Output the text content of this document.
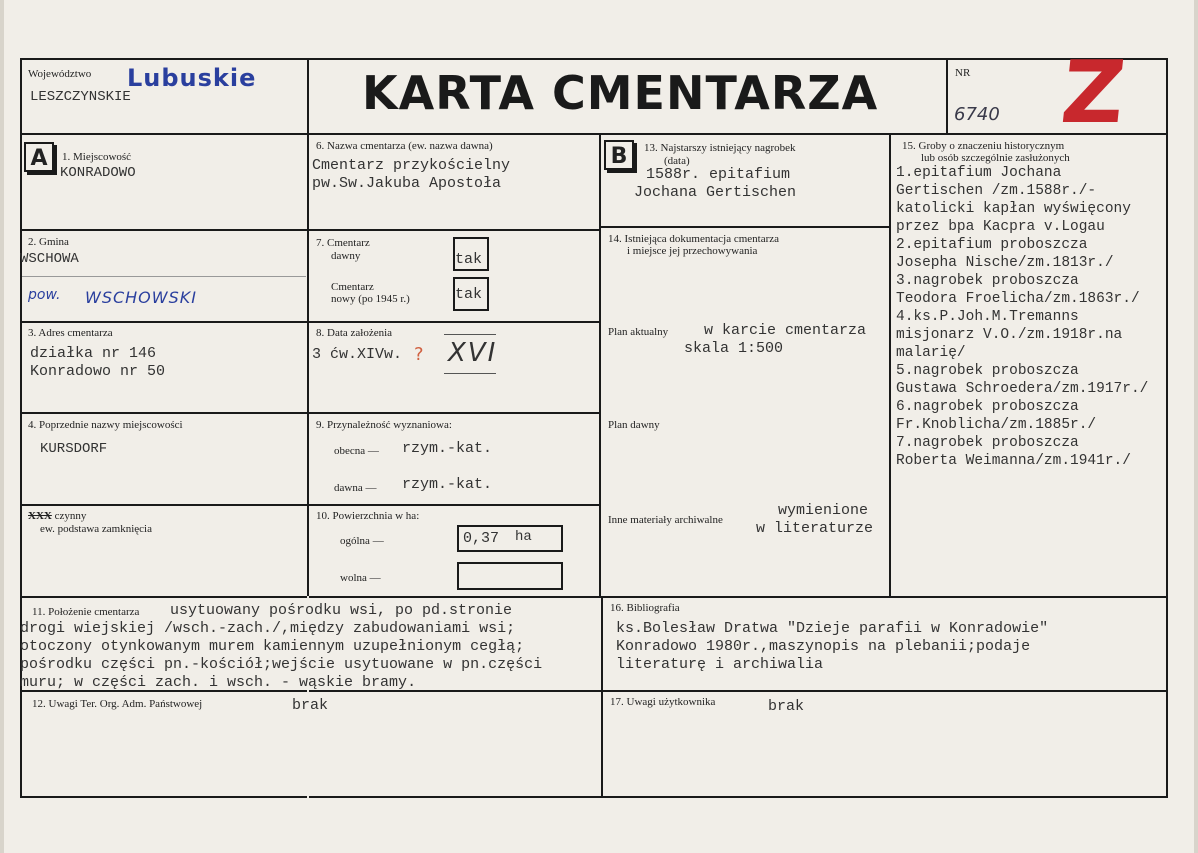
Województwo Lubuskie
LESZCZYNSKIE	KARTA CMENTARZA	NR
6740 Z
A	1. Miejscowość
KONRADOWO
2. Gmina
WSCHOWA
pow. WSCHOWSKI
3. Adres cmentarza
działka nr 146
Konradowo nr 50
4. Poprzednie nazwy miejscowości
KURSDORF
XXX czynny
ew. podstawa zamknięcia
6. Nazwa cmentarza (ew. nazwa dawna)
Cmentarz przykościelny
pw.Sw.Jakuba Apostoła
7. Cmentarz
dawny	tak
Cmentarz
nowy (po 1945 r.)	tak
8. Data założenia
3 ćw.XIVw. ? XVI
9. Przynależność wyznaniowa:
obecna — rzym.-kat.
dawna — rzym.-kat.
10. Powierzchnia w ha:
ogólna —	0,37 ha
wolna —
B	13. Najstarszy istniejący nagrobek
(data)
1588r. epitafium
Jochana Gertischen
14. Istniejąca dokumentacja cmentarza
i miejsce jej przechowywania
Plan aktualny w karcie cmentarza
skala 1:500
Plan dawny
Inne materiały archiwalne
wymienione
w literaturze
15. Groby o znaczeniu historycznym
lub osób szczególnie zasłużonych
1.epitafium Jochana
Gertischen /zm.1588r./-
katolicki kapłan wyświęcony
przez bpa Kacpra v.Logau
2.epitafium proboszcza
Josepha Nische/zm.1813r./
3.nagrobek proboszcza
Teodora Froelicha/zm.1863r./
4.ks.P.Joh.M.Tremanns
misjonarz V.O./zm.1918r.na
malarię/
5.nagrobek proboszcza
Gustawa Schroedera/zm.1917r./
6.nagrobek proboszcza
Fr.Knoblicha/zm.1885r./
7.nagrobek proboszcza
Roberta Weimanna/zm.1941r./
11. Położenie cmentarza usytuowany pośrodku wsi, po pd.stronie
drogi wiejskiej /wsch.-zach./,między zabudowaniami wsi;
otoczony otynkowanym murem kamiennym uzupełnionym cegłą;
pośrodku części pn.-kościół;wejście usytuowane w pn.części
muru; w części zach. i wsch. - wąskie bramy.
16. Bibliografia
ks.Bolesław Dratwa "Dzieje parafii w Konradowie"
Konradowo 1980r.,maszynopis na plebanii;podaje
literaturę i archiwalia
12. Uwagi Ter. Org. Adm. Państwowej	brak	17. Uwagi użytkownika	brak
